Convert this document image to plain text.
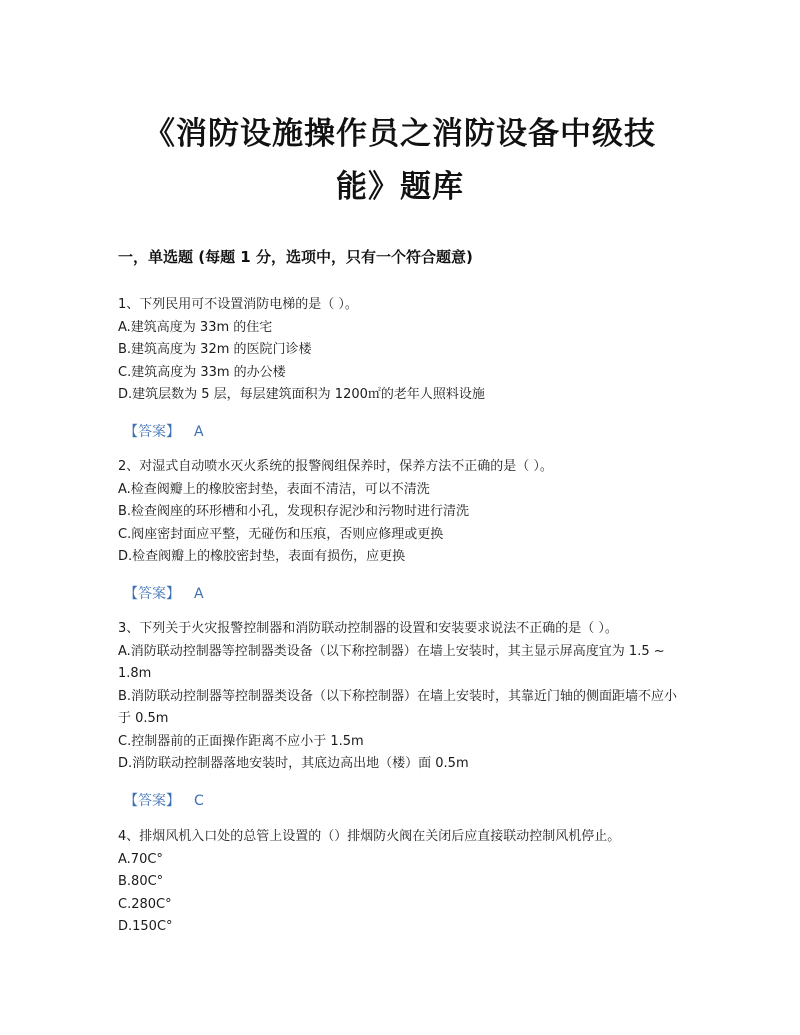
《消防设施操作员之消防设备中级技
能》题库
一，单选题 (每题 1 分，选项中，只有一个符合题意)

1、下列民用可不设置消防电梯的是（ ）。

A.建筑高度为 33m 的住宅

B.建筑高度为 32m 的医院门诊楼

C.建筑高度为 33m 的办公楼

D.建筑层数为 5 层，每层建筑面积为 1200㎡的老年人照料设施

【答案】 A

2、对湿式自动喷水灭火系统的报警阀组保养时，保养方法不正确的是（ ）。

A.检查阀瓣上的橡胶密封垫，表面不清洁，可以不清洗

B.检查阀座的环形槽和小孔，发现积存泥沙和污物时进行清洗

C.阀座密封面应平整，无碰伤和压痕，否则应修理或更换

D.检查阀瓣上的橡胶密封垫，表面有损伤，应更换

【答案】 A

3、下列关于火灾报警控制器和消防联动控制器的设置和安装要求说法不正确的是（ ）。

A.消防联动控制器等控制器类设备（以下称控制器）在墙上安装时，其主显示屏高度宜为 1.5 ~ 1.8m

B.消防联动控制器等控制器类设备（以下称控制器）在墙上安装时，其靠近门轴的侧面距墙不应小于 0.5m

C.控制器前的正面操作距离不应小于 1.5m

D.消防联动控制器落地安装时，其底边高出地（楼）面 0.5m

【答案】 C

4、排烟风机入口处的总管上设置的（）排烟防火阀在关闭后应直接联动控制风机停止。

A.70C°

B.80C°

C.280C°

D.150C°
